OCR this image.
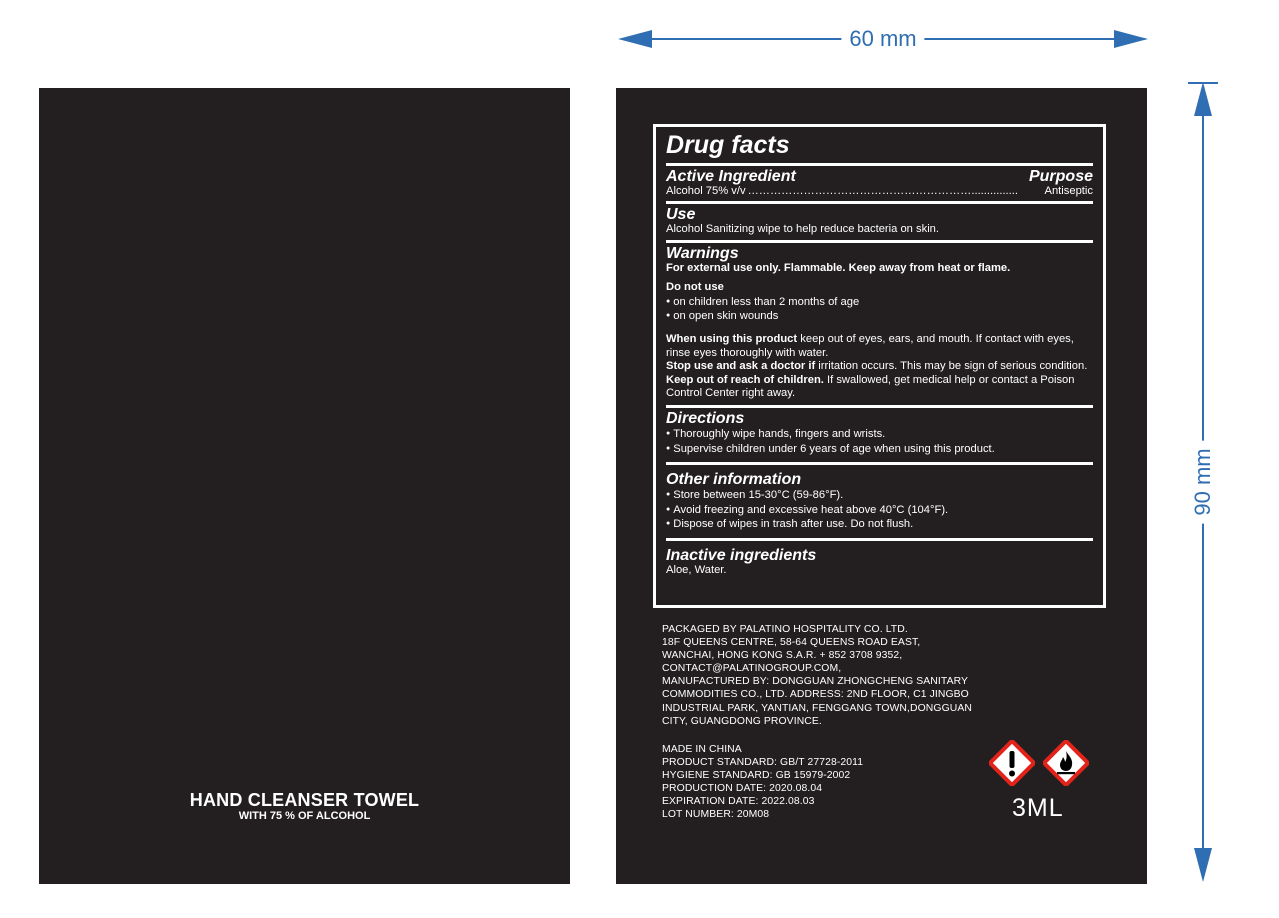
60 mm
90 mm
HAND CLEANSER TOWEL
WITH 75 % OF ALCOHOL
Drug facts
Active Ingredient	Purpose
Alcohol 75% v/v ……………………………………………………...............	Antiseptic
Use
Alcohol Sanitizing wipe to help reduce bacteria on skin.
Warnings
For external use only. Flammable. Keep away from heat or flame.
Do not use
● on children less than 2 months of age
● on open skin wounds
When using this product keep out of eyes, ears, and mouth. If contact with eyes, rinse eyes thoroughly with water.
Stop use and ask a doctor if irritation occurs. This may be sign of serious condition.
Keep out of reach of children. If swallowed, get medical help or contact a Poison Control Center right away.
Directions
● Thoroughly wipe hands, fingers and wrists.
● Supervise children under 6 years of age when using this product.
Other information
● Store between 15-30°C (59-86°F).
● Avoid freezing and excessive heat above 40°C (104°F).
● Dispose of wipes in trash after use. Do not flush.
Inactive ingredients
Aloe, Water.
PACKAGED BY PALATINO HOSPITALITY CO. LTD.
18F QUEENS CENTRE, 58-64 QUEENS ROAD EAST,
WANCHAI, HONG KONG S.A.R. + 852 3708 9352,
CONTACT@PALATINOGROUP.COM,
MANUFACTURED BY: DONGGUAN ZHONGCHENG SANITARY
COMMODITIES CO., LTD. ADDRESS: 2ND FLOOR, C1 JINGBO
INDUSTRIAL PARK, YANTIAN, FENGGANG TOWN,DONGGUAN
CITY, GUANGDONG PROVINCE.
MADE IN CHINA
PRODUCT STANDARD: GB/T 27728-2011
HYGIENE STANDARD: GB 15979-2002
PRODUCTION DATE: 2020.08.04
EXPIRATION DATE: 2022.08.03
LOT NUMBER: 20M08	3ML
